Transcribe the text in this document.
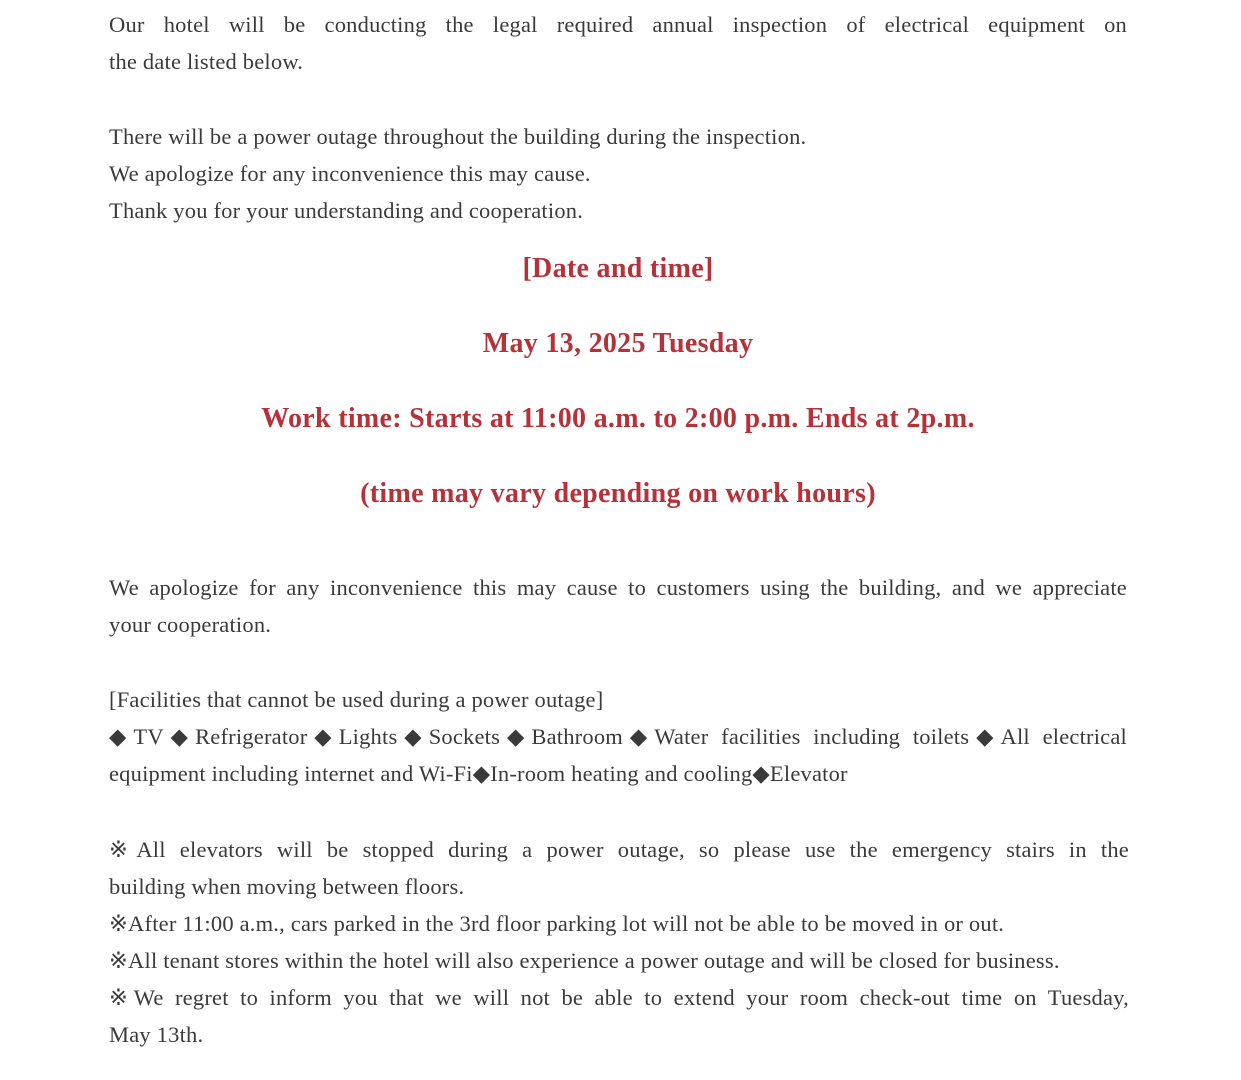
Our hotel will be conducting the legal required annual inspection of electrical equipment on
the date listed below.
There will be a power outage throughout the building during the inspection.
We apologize for any inconvenience this may cause.
Thank you for your understanding and cooperation.
[Date and time]
May 13, 2025 Tuesday
Work time: Starts at 11:00 a.m. to 2:00 p.m. Ends at 2p.m.
(time may vary depending on work hours)
We apologize for any inconvenience this may cause to customers using the building, and we appreciate
your cooperation.
[Facilities that cannot be used during a power outage]
◆TV◆Refrigerator◆Lights◆Sockets◆Bathroom◆Water facilities including toilets◆All electrical
equipment including internet and Wi-Fi◆In-room heating and cooling◆Elevator
※All elevators will be stopped during a power outage, so please use the emergency stairs in the
building when moving between floors.
※After 11:00 a.m., cars parked in the 3rd floor parking lot will not be able to be moved in or out.
※All tenant stores within the hotel will also experience a power outage and will be closed for business.
※We regret to inform you that we will not be able to extend your room check-out time on Tuesday,
May 13th.
